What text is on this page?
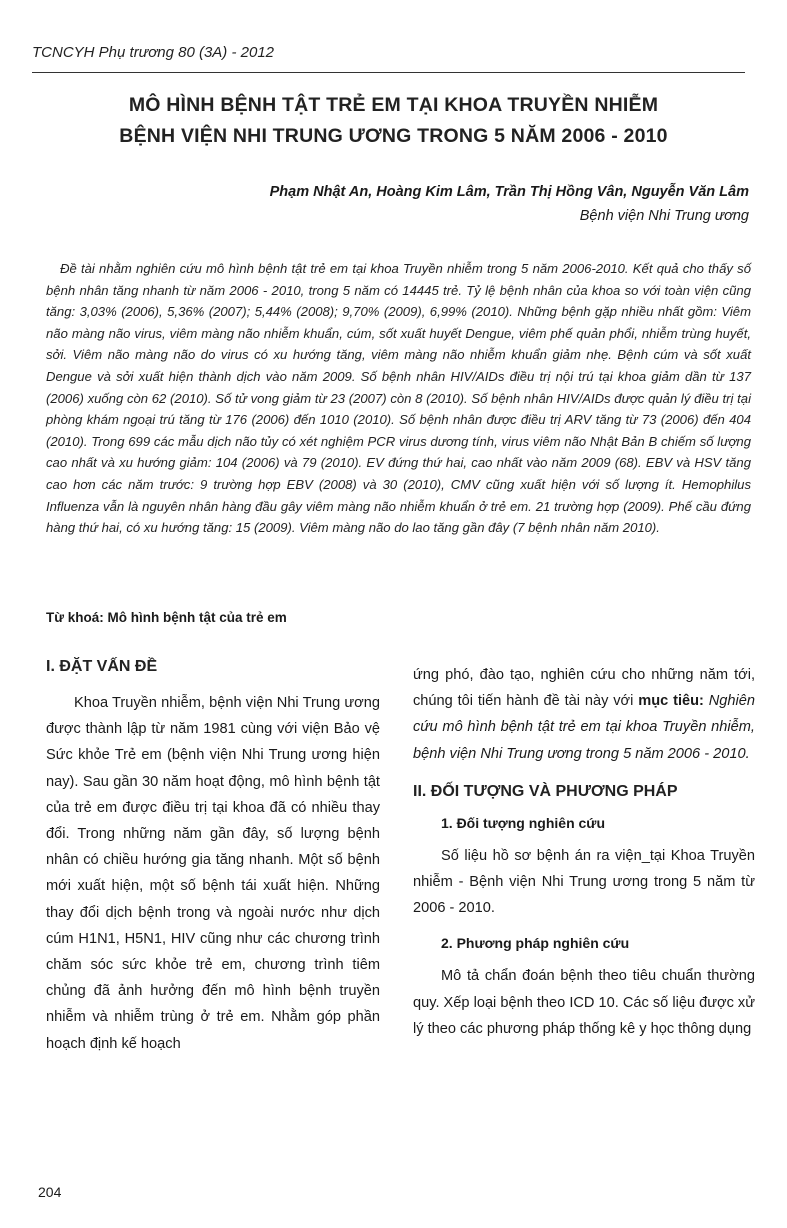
TCNCYH Phụ trương 80 (3A) - 2012
MÔ HÌNH BỆNH TẬT TRẺ EM TẠI KHOA TRUYỀN NHIỄM
BỆNH VIỆN NHI TRUNG ƯƠNG TRONG 5 NĂM 2006 - 2010
Phạm Nhật An, Hoàng Kim Lâm, Trần Thị Hồng Vân, Nguyễn Văn Lâm
Bệnh viện Nhi Trung ương
Đề tài nhằm nghiên cứu mô hình bệnh tật trẻ em tại khoa Truyền nhiễm trong 5 năm 2006-2010. Kết quả cho thấy số bệnh nhân tăng nhanh từ năm 2006 - 2010, trong 5 năm có 14445 trẻ. Tỷ lệ bệnh nhân của khoa so với toàn viện cũng tăng: 3,03% (2006), 5,36% (2007); 5,44% (2008); 9,70% (2009), 6,99% (2010). Những bệnh gặp nhiều nhất gồm: Viêm não màng não virus, viêm màng não nhiễm khuẩn, cúm, sốt xuất huyết Dengue, viêm phế quản phổi, nhiễm trùng huyết, sởi. Viêm não màng não do virus có xu hướng tăng, viêm màng não nhiễm khuẩn giảm nhẹ. Bệnh cúm và sốt xuất Dengue và sởi xuất hiện thành dịch vào năm 2009. Số bệnh nhân HIV/AIDs điều trị nội trú tại khoa giảm dần từ 137 (2006) xuống còn 62 (2010). Số tử vong giảm từ 23 (2007) còn 8 (2010). Số bệnh nhân HIV/AIDs được quản lý điều trị tại phòng khám ngoại trú tăng từ 176 (2006) đến 1010 (2010). Số bệnh nhân được điều trị ARV tăng từ 73 (2006) đến 404 (2010). Trong 699 các mẫu dịch não tủy có xét nghiệm PCR virus dương tính, virus viêm não Nhật Bản B chiếm số lượng cao nhất và xu hướng giảm: 104 (2006) và 79 (2010). EV đứng thứ hai, cao nhất vào năm 2009 (68). EBV và HSV tăng cao hơn các năm trước: 9 trường hợp EBV (2008) và 30 (2010), CMV cũng xuất hiện với số lượng ít. Hemophilus Influenza vẫn là nguyên nhân hàng đầu gây viêm màng não nhiễm khuẩn ở trẻ em. 21 trường hợp (2009). Phế cầu đứng hàng thứ hai, có xu hướng tăng: 15 (2009). Viêm màng não do lao tăng gần đây (7 bệnh nhân năm 2010).
Từ khoá: Mô hình bệnh tật của trẻ em
I. ĐẶT VẤN ĐỀ

Khoa Truyền nhiễm, bệnh viện Nhi Trung ương được thành lập từ năm 1981 cùng với viện Bảo vệ Sức khỏe Trẻ em (bệnh viện Nhi Trung ương hiện nay). Sau gần 30 năm hoạt động, mô hình bệnh tật của trẻ em được điều trị tại khoa đã có nhiều thay đổi. Trong những năm gần đây, số lượng bệnh nhân có chiều hướng gia tăng nhanh. Một số bệnh mới xuất hiện, một số bệnh tái xuất hiện. Những thay đổi dịch bệnh trong và ngoài nước như dịch cúm H1N1, H5N1, HIV cũng như các chương trình chăm sóc sức khỏe trẻ em, chương trình tiêm chủng đã ảnh hưởng đến mô hình bệnh truyền nhiễm và nhiễm trùng ở trẻ em. Nhằm góp phần hoạch định kế hoạch

ứng phó, đào tạo, nghiên cứu cho những năm tới, chúng tôi tiến hành đề tài này với mục tiêu: Nghiên cứu mô hình bệnh tật trẻ em tại khoa Truyền nhiễm, bệnh viện Nhi Trung ương trong 5 năm 2006 - 2010.

II. ĐỐI TƯỢNG VÀ PHƯƠNG PHÁP
1. Đối tượng nghiên cứu

Số liệu hồ sơ bệnh án ra viện_tại Khoa Truyền nhiễm - Bệnh viện Nhi Trung ương trong 5 năm từ 2006 - 2010.

2. Phương pháp nghiên cứu

Mô tả chẩn đoán bệnh theo tiêu chuẩn thường quy. Xếp loại bệnh theo ICD 10. Các số liệu được xử lý theo các phương pháp thống kê y học thông dụng

204
